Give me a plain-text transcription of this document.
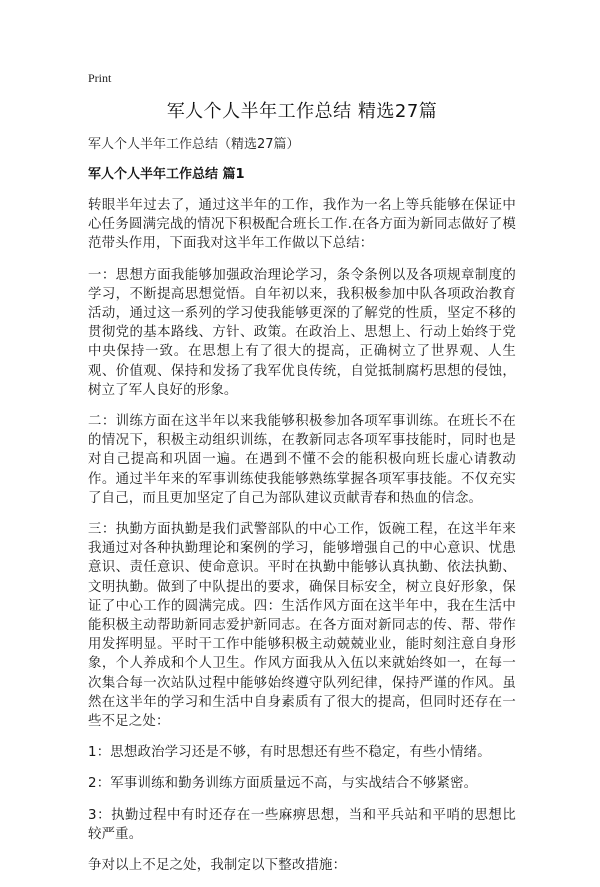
Print
军人个人半年工作总结 精选27篇
军人个人半年工作总结（精选27篇）
军人个人半年工作总结 篇1

转眼半年过去了，通过这半年的工作，我作为一名上等兵能够在保证中心任务圆满完战的情况下积极配合班长工作.在各方面为新同志做好了模范带头作用，下面我对这半年工作做以下总结：

一：思想方面我能够加强政治理论学习，条令条例以及各项规章制度的学习，不断提高思想觉悟。自年初以来，我积极参加中队各项政治教育活动，通过这一系列的学习使我能够更深的了解党的性质，坚定不移的贯彻党的基本路线、方针、政策。在政治上、思想上、行动上始终于党中央保持一致。在思想上有了很大的提高，正确树立了世界观、人生观、价值观、保持和发扬了我军优良传统，自觉抵制腐朽思想的侵蚀，树立了军人良好的形象。

二：训练方面在这半年以来我能够积极参加各项军事训练。在班长不在的情况下，积极主动组织训练，在教新同志各项军事技能时，同时也是对自己提高和巩固一遍。在遇到不懂不会的能积极向班长虚心请教动作。通过半年来的军事训练使我能够熟练掌握各项军事技能。不仅充实了自己，而且更加坚定了自己为部队建议贡献青春和热血的信念。

三：执勤方面执勤是我们武警部队的中心工作，饭碗工程，在这半年来我通过对各种执勤理论和案例的学习，能够增强自己的中心意识、忧患意识、责任意识、使命意识。平时在执勤中能够认真执勤、依法执勤、文明执勤。做到了中队提出的要求，确保目标安全，树立良好形象，保证了中心工作的圆满完成。四：生活作风方面在这半年中，我在生活中能积极主动帮助新同志爱护新同志。在各方面对新同志的传、帮、带作用发挥明显。平时干工作中能够积极主动兢兢业业，能时刻注意自身形象，个人养成和个人卫生。作风方面我从入伍以来就始终如一，在每一次集合每一次站队过程中能够始终遵守队列纪律，保持严谨的作风。虽然在这半年的学习和生活中自身素质有了很大的提高，但同时还存在一些不足之处：

1：思想政治学习还是不够，有时思想还有些不稳定，有些小情绪。

2：军事训练和勤务训练方面质量远不高，与实战结合不够紧密。

3：执勤过程中有时还存在一些麻痹思想，当和平兵站和平哨的思想比较严重。

争对以上不足之处，我制定以下整改措施：
